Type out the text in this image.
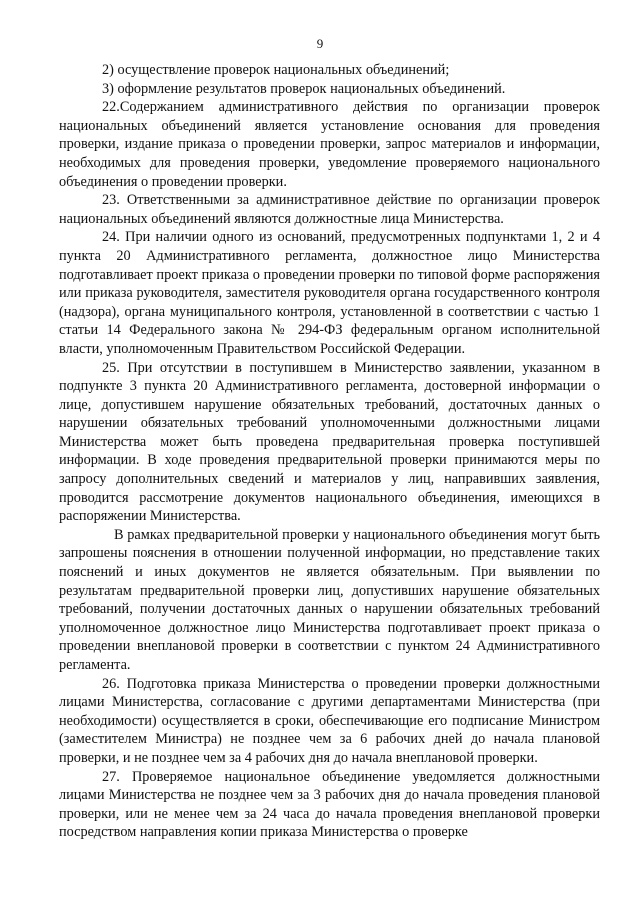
9

2) осуществление проверок национальных объединений;

3) оформление результатов проверок национальных объединений.

22.Содержанием административного действия по организации проверок национальных объединений является установление основания для проведения проверки, издание приказа о проведении проверки, запрос материалов и информации, необходимых для проведения проверки, уведомление проверяемого национального объединения о проведении проверки.

23. Ответственными за административное действие по организации проверок национальных объединений являются должностные лица Министерства.

24. При наличии одного из оснований, предусмотренных подпунктами 1, 2 и 4 пункта 20 Административного регламента, должностное лицо Министерства подготавливает проект приказа о проведении проверки по типовой форме распоряжения или приказа руководителя, заместителя руководителя органа государственного контроля (надзора), органа муниципального контроля, установленной в соответствии с частью 1 статьи 14 Федерального закона № 294-ФЗ федеральным органом исполнительной власти, уполномоченным Правительством Российской Федерации.

25. При отсутствии в поступившем в Министерство заявлении, указанном в подпункте 3 пункта 20 Административного регламента, достоверной информации о лице, допустившем нарушение обязательных требований, достаточных данных о нарушении обязательных требований уполномоченными должностными лицами Министерства может быть проведена предварительная проверка поступившей информации. В ходе проведения предварительной проверки принимаются меры по запросу дополнительных сведений и материалов у лиц, направивших заявления, проводится рассмотрение документов национального объединения, имеющихся в распоряжении Министерства.

В рамках предварительной проверки у национального объединения могут быть запрошены пояснения в отношении полученной информации, но представление таких пояснений и иных документов не является обязательным. При выявлении по результатам предварительной проверки лиц, допустивших нарушение обязательных требований, получении достаточных данных о нарушении обязательных требований уполномоченное должностное лицо Министерства подготавливает проект приказа о проведении внеплановой проверки в соответствии с пунктом 24 Административного регламента.

26. Подготовка приказа Министерства о проведении проверки должностными лицами Министерства, согласование с другими департаментами Министерства (при необходимости) осуществляется в сроки, обеспечивающие его подписание Министром (заместителем Министра) не позднее чем за 6 рабочих дней до начала плановой проверки, и не позднее чем за 4 рабочих дня до начала внеплановой проверки.

27. Проверяемое национальное объединение уведомляется должностными лицами Министерства не позднее чем за 3 рабочих дня до начала проведения плановой проверки, или не менее чем за 24 часа до начала проведения внеплановой проверки посредством направления копии приказа Министерства о проверке
